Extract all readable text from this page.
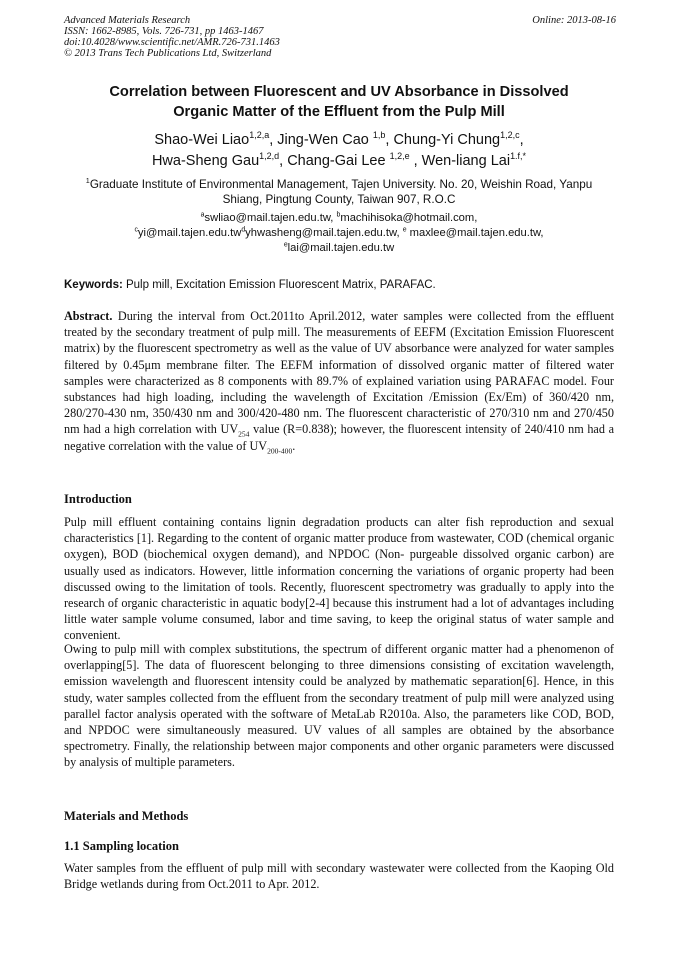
Advanced Materials Research
ISSN: 1662-8985, Vols. 726-731, pp 1463-1467
doi:10.4028/www.scientific.net/AMR.726-731.1463
© 2013 Trans Tech Publications Ltd, Switzerland
Online: 2013-08-16
Correlation between Fluorescent and UV Absorbance in Dissolved
Organic Matter of the Effluent from the Pulp Mill
Shao-Wei Liao$^{1,2,a}$, Jing-Wen Cao $^{1,b}$, Chung-Yi Chung$^{1,2,c}$,
Hwa-Sheng Gau$^{1,2,d}$, Chang-Gai Lee $^{1,2,e}$ , Wen-liang Lai$^{1.f,*}$
$^1$Graduate Institute of Environmental Management, Tajen University. No. 20, Weishin Road, Yanpu
Shiang, Pingtung County, Taiwan 907, R.O.C
$^a$swliao@mail.tajen.edu.tw, $^b$machihisoka@hotmail.com,
$^cyi@mail.tajen.edu.tw^dyhwasheng@mail.tajen.edu.tw$, $^e$ maxlee@mail.tajen.edu.tw,
$^e$lai@mail.tajen.edu.tw
Keywords: Pulp mill, Excitation Emission Fluorescent Matrix, PARAFAC.
Abstract. During the interval from Oct.2011to April.2012, water samples were collected from the effluent treated by the secondary treatment of pulp mill. The measurements of EEFM (Excitation Emission Fluorescent matrix) by the fluorescent spectrometry as well as the value of UV absorbance were analyzed for water samples filtered by 0.45μm membrane filter. The EEFM information of dissolved organic matter of filtered water samples were characterized as 8 components with 89.7% of explained variation using PARAFAC model. Four substances had high loading, including the wavelength of Excitation /Emission (Ex/Em) of 360/420 nm, 280/270-430 nm, 350/430 nm and 300/420-480 nm. The fluorescent characteristic of 270/310 nm and 270/450 nm had a high correlation with $UV_{254}$ value (R=0.838); however, the fluorescent intensity of 240/410 nm had a negative correlation with the value of $UV_{200-400}$.
Introduction
Pulp mill effluent containing contains lignin degradation products can alter fish reproduction and sexual characteristics [1]. Regarding to the content of organic matter produce from wastewater, COD (chemical organic oxygen), BOD (biochemical oxygen demand), and NPDOC (Non- purgeable dissolved organic carbon) are usually used as indicators. However, little information concerning the variations of organic property had been discussed owing to the limitation of tools. Recently, fluorescent spectrometry was gradually to apply into the research of organic characteristic in aquatic body[2-4] because this instrument had a lot of advantages including little water sample volume consumed, labor and time saving, to keep the original status of water sample and convenient.
Owing to pulp mill with complex substitutions, the spectrum of different organic matter had a phenomenon of overlapping[5]. The data of fluorescent belonging to three dimensions consisting of excitation wavelength, emission wavelength and fluorescent intensity could be analyzed by mathematic separation[6]. Hence, in this study, water samples collected from the effluent from the secondary treatment of pulp mill were analyzed using parallel factor analysis operated with the software of MetaLab R2010a. Also, the parameters like COD, BOD, and NPDOC were simultaneously measured. UV values of all samples are obtained by the absorbance spectrometry. Finally, the relationship between major components and other organic parameters were discussed by analysis of multiple parameters.
Materials and Methods
1.1 Sampling location
Water samples from the effluent of pulp mill with secondary wastewater were collected from the Kaoping Old Bridge wetlands during from Oct.2011 to Apr. 2012.
